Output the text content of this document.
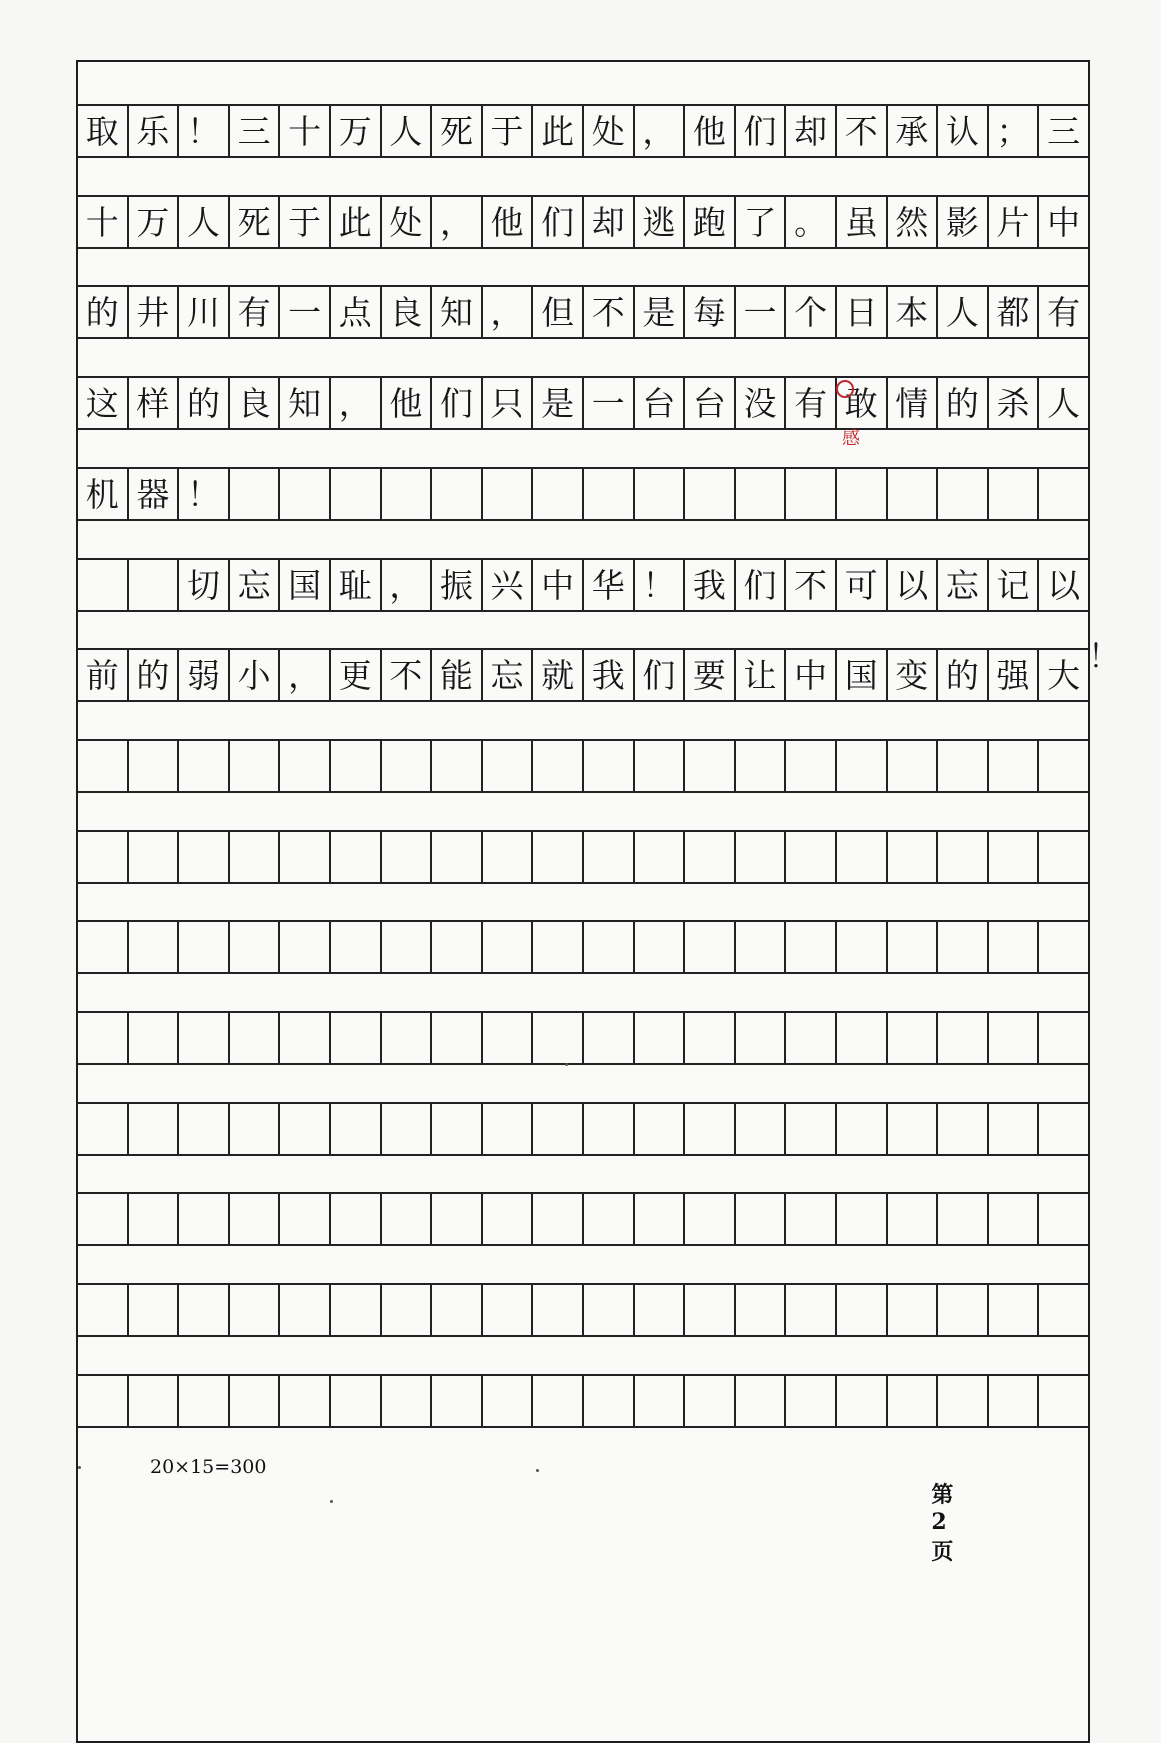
取 乐 ！ 三 十 万 人 死 于 此 处 ， 他 们 却 不 承 认 ； 三
十 万 人 死 于 此 处 ， 他 们 却 逃 跑 了 。 虽 然 影 片 中
的 井 川 有 一 点 良 知 ， 但 不 是 每 一 个 日 本 人 都 有
这 样 的 良 知 ， 他 们 只 是 一 台 台 没 有 敢 情 的 杀 人
机 器 ！
切 忘 国 耻 ， 振 兴 中 华 ！ 我 们 不 可 以 忘 记 以
前 的 弱 小 ， 更 不 能 忘 就 我 们 要 让 中 国 变 的 强 大
感
！
20×15=300

第
2
页
